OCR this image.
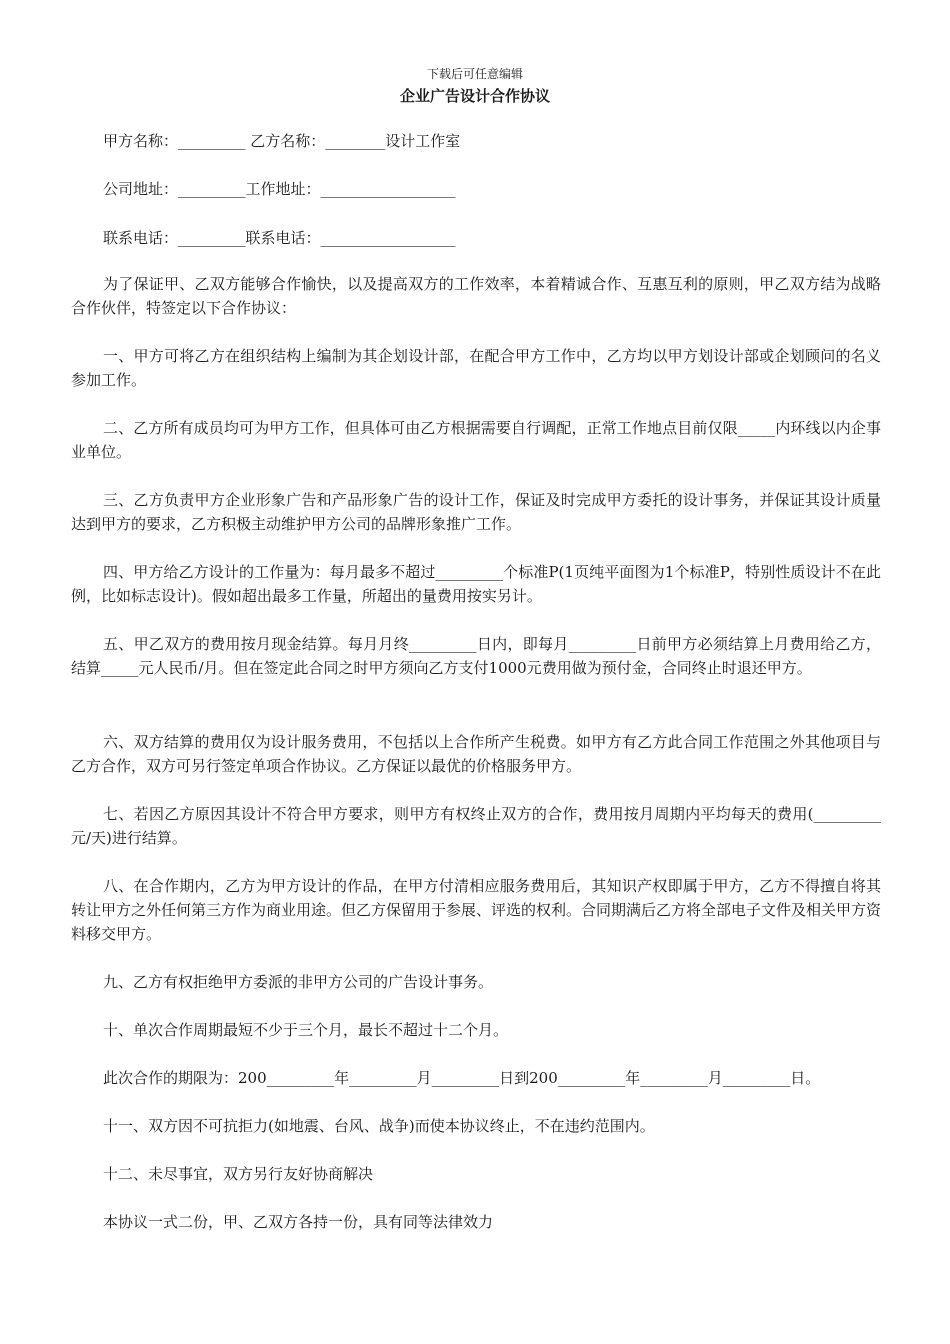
下载后可任意编辑
企业广告设计合作协议

甲方名称：_________ 乙方名称：________设计工作室

公司地址：_________工作地址：__________________

联系电话：_________联系电话：__________________

为了保证甲、乙双方能够合作愉快，以及提高双方的工作效率，本着精诚合作、互惠互利的原则，甲乙双方结为战略合作伙伴，特签定以下合作协议：

一、甲方可将乙方在组织结构上编制为其企划设计部，在配合甲方工作中，乙方均以甲方划设计部或企划顾问的名义参加工作。

二、乙方所有成员均可为甲方工作，但具体可由乙方根据需要自行调配，正常工作地点目前仅限_____内环线以内企事业单位。

三、乙方负责甲方企业形象广告和产品形象广告的设计工作，保证及时完成甲方委托的设计事务，并保证其设计质量达到甲方的要求，乙方积极主动维护甲方公司的品牌形象推广工作。

四、甲方给乙方设计的工作量为：每月最多不超过_________个标准P(1页纯平面图为1个标准P，特别性质设计不在此例，比如标志设计)。假如超出最多工作量，所超出的量费用按实另计。

五、甲乙双方的费用按月现金结算。每月月终_________日内，即每月_________日前甲方必须结算上月费用给乙方， 结算_____元人民币/月。但在签定此合同之时甲方须向乙方支付1000元费用做为预付金，合同终止时退还甲方。

六、双方结算的费用仅为设计服务费用，不包括以上合作所产生税费。如甲方有乙方此合同工作范围之外其他项目与乙方合作，双方可另行签定单项合作协议。乙方保证以最优的价格服务甲方。

七、若因乙方原因其设计不符合甲方要求，则甲方有权终止双方的合作，费用按月周期内平均每天的费用(_________元/天)进行结算。

八、在合作期内，乙方为甲方设计的作品，在甲方付清相应服务费用后，其知识产权即属于甲方，乙方不得擅自将其转让甲方之外任何第三方作为商业用途。但乙方保留用于参展、评选的权利。合同期满后乙方将全部电子文件及相关甲方资料移交甲方。

九、乙方有权拒绝甲方委派的非甲方公司的广告设计事务。

十、单次合作周期最短不少于三个月，最长不超过十二个月。

此次合作的期限为：200_________年_________月_________日到200_________年_________月_________日。

十一、双方因不可抗拒力(如地震、台风、战争)而使本协议终止，不在违约范围内。

十二、未尽事宜，双方另行友好协商解决

本协议一式二份，甲、乙双方各持一份，具有同等法律效力
